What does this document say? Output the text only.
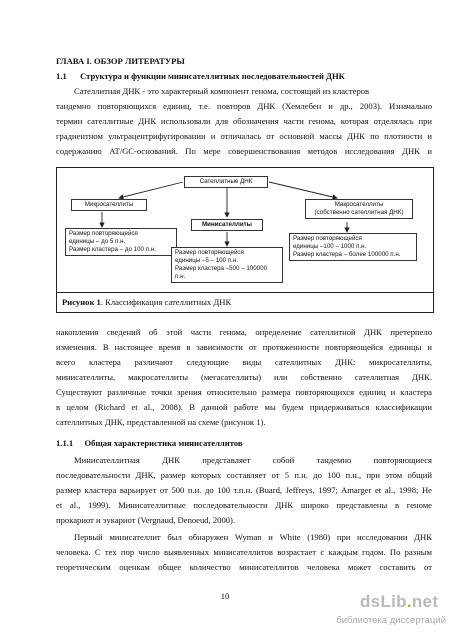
ГЛАВА I. ОБЗОР ЛИТЕРАТУРЫ
1.1 Структура и функции минисателлитных последовательностей ДНК
Сателлитная ДНК - это характерный компонент генома, состоящий из кластеров
тандемно повторяющихся единиц, т.е. повторов ДНК (Хемлебен и др., 2003). Изначально
термин сателлитные ДНК использовали для обозначения части генома, которая отделялась при
градиентном ультрацентрифугировании и отличалась от основной массы ДНК по плотности и
содержанию AT/GC-оснований. По мере совершенствования методов исследования ДНК и
Сателлитные ДНК
Микросателлиты
Размер повторяющейся
единицы – до 5 п.н.
Размер кластера – до 100 п.н.
Минисателлиты
Размер повторяющейся
единицы –5 – 100 п.н.
Размер кластера –500 – 100000
п.н.
Макросателлиты
(собственно сателлитная ДНК)
Размер повторяющейся
единицы –100 – 1000 п.н.
Размер кластера – более 100000 п.н.
Рисунок 1. Классификация сателлитных ДНК
накопления сведений об этой части генома, определение сателлитной ДНК претерпело
изменения. В настоящее время в зависимости от протяженности повторяющейся единицы и
всего кластера различают следующие виды сателлитных ДНК: микросателлиты,
минисателлиты, макросателлиты (мегасателлиты) или собственно сателлитная ДНК.
Существуют различные точки зрения относительно размера повторяющихся единиц и кластера
в целом (Richard et al., 2008). В данной работе мы будем придерживаться классификации
сателлитных ДНК, представленной на схеме (рисунок 1).
1.1.1 Общая характеристика минисателлитов
Минисателлитная ДНК представляет собой тандемно повторяющиеся
последовательности ДНК, размер которых составляет от 5 п.н. до 100 п.н., при этом общий
размер кластера варьирует от 500 п.н. до 100 т.п.н. (Buard, Jeffreys, 1997; Amarger et al., 1998; He
et al., 1999). Минисателлитные последовательности ДНК широко представлены в геноме
прокариот и эукариот (Vergnaud, Denoeud, 2000).
Первый минисателлит был обнаружен Wyman и White (1980) при исследовании ДНК
человека. С тех пор число выявленных минисателлитов возрастает с каждым годом. По разным
теоретическим оценкам общее количество минисателлитов человека может составить от
10	dsLib.net
библиотека диссертаций
